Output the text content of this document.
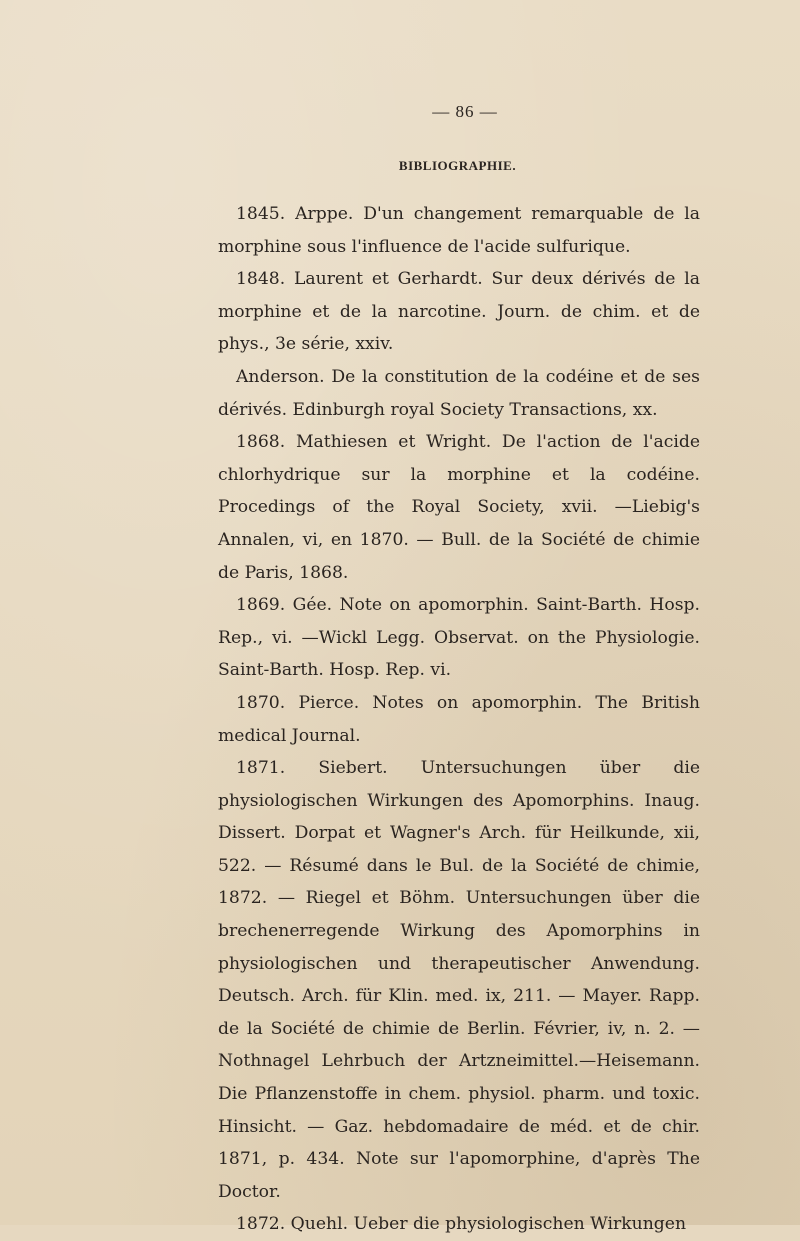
— 86 —
BIBLIOGRAPHIE.

1845. Arppe. D'un changement remarquable de la morphine sous l'influence de l'acide sulfurique.

1848. Laurent et Gerhardt. Sur deux dérivés de la morphine et de la narcotine. Journ. de chim. et de phys., 3e série, xxiv.

Anderson. De la constitution de la codéine et de ses dérivés. Edinburgh royal Society Transactions, xx.

1868. Mathiesen et Wright. De l'action de l'acide chlorhydrique sur la morphine et la codéine. Procedings of the Royal Society, xvii. —Liebig's Annalen, vi, en 1870. — Bull. de la Société de chimie de Paris, 1868.

1869. Gée. Note on apomorphin. Saint-Barth. Hosp. Rep., vi. —Wickl Legg. Observat. on the Physiologie. Saint-Barth. Hosp. Rep. vi.

1870. Pierce. Notes on apomorphin. The British medical Journal.

1871. Siebert. Untersuchungen über die physiologischen Wirkungen des Apomorphins. Inaug. Dissert. Dorpat et Wagner's Arch. für Heilkunde, xii, 522. — Résumé dans le Bul. de la Société de chimie, 1872. — Riegel et Böhm. Untersuchungen über die brechenerregende Wirkung des Apomorphins in physiologischen und therapeutischer Anwendung. Deutsch. Arch. für Klin. med. ix, 211. — Mayer. Rapp. de la Société de chimie de Berlin. Février, iv, n. 2. — Nothnagel Lehrbuch der Artzneimittel.—Heisemann. Die Pflanzenstoffe in chem. physiol. pharm. und toxic. Hinsicht. — Gaz. hebdomadaire de méd. et de chir. 1871, p. 434. Note sur l'apomorphine, d'après The Doctor.

1872. Quehl. Ueber die physiologischen Wirkungen
